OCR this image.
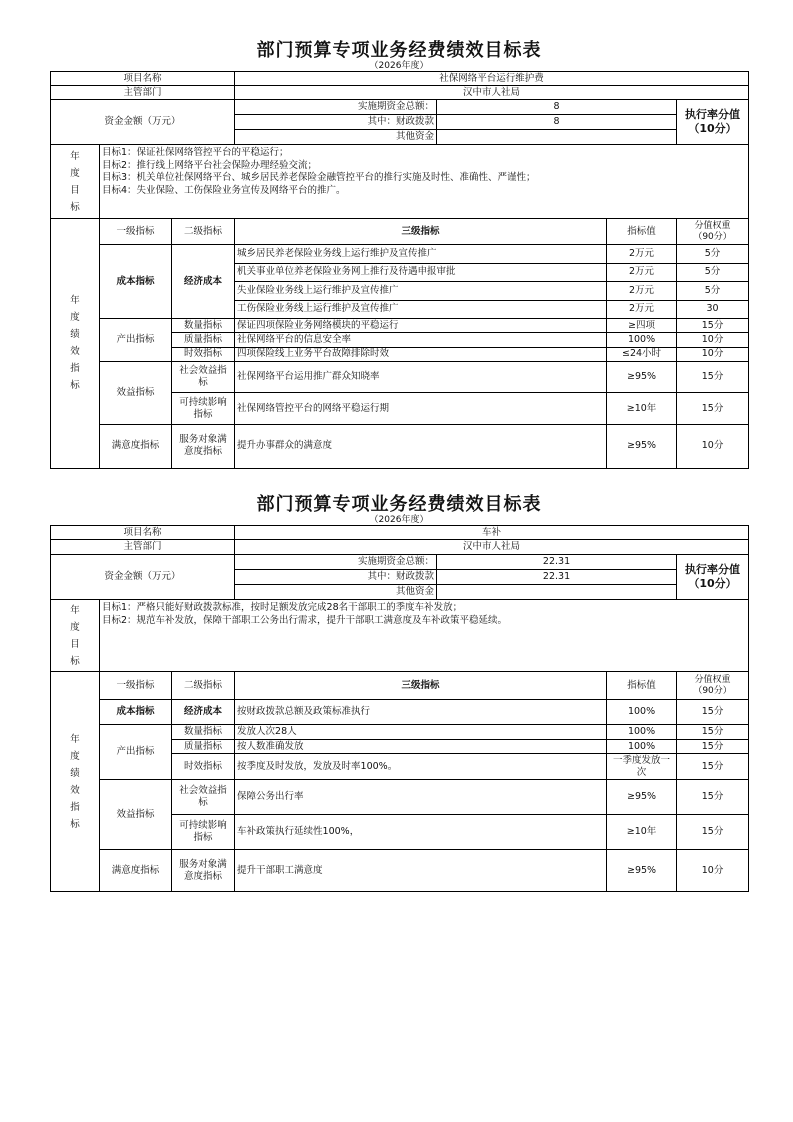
部门预算专项业务经费绩效目标表
（2026年度）
项目名称			社保网络平台运行维护费			
主管部门			汉中市人社局			
资金金额（万元）			实施期资金总额：	8		执行率分值（10分）
			其中：财政拨款	8		
			其他资金			
年度目标	目标1：保证社保网络管控平台的平稳运行；
目标2：推行线上网络平台社会保险办理经验交流；
目标3：机关单位社保网络平台、城乡居民养老保险金融管控平台的推行实施及时性、准确性、严谨性；
目标4：失业保险、工伤保险业务宣传及网络平台的推广。					

年度绩效指标	一级指标	二级指标	三级指标		指标值	分值权重（90分）
	成本指标	经济成本	城乡居民养老保险业务线上运行维护及宣传推广		2万元	5分
			机关事业单位养老保险业务网上推行及待遇申报审批		2万元	5分
			失业保险业务线上运行维护及宣传推广		2万元	5分
			工伤保险业务线上运行维护及宣传推广		2万元	30
	产出指标	数量指标	保证四项保险业务网络模块的平稳运行		≥四项	15分
		质量指标	社保网络平台的信息安全率		100%	10分
		时效指标	四项保险线上业务平台故障排除时效		≤24小时	10分
	效益指标	社会效益指标	社保网络平台运用推广群众知晓率		≥95%	15分
		可持续影响指标	社保网络管控平台的网络平稳运行期		≥10年	15分
	满意度指标	服务对象满意度指标	提升办事群众的满意度		≥95%	10分
部门预算专项业务经费绩效目标表
（2026年度）
项目名称			车补			
主管部门			汉中市人社局			
资金金额（万元）			实施期资金总额：	22.31		执行率分值（10分）
			其中：财政拨款	22.31		
			其他资金			
年度目标	目标1：严格只能好财政拨款标准，按时足额发放完成28名干部职工的季度车补发放；
目标2：规范车补发放，保障干部职工公务出行需求，提升干部职工满意度及车补政策平稳延续。					

年度绩效指标	一级指标	二级指标	三级指标		指标值	分值权重（90分）
	成本指标	经济成本	按财政拨款总额及政策标准执行		100%	15分
	产出指标	数量指标	发放人次28人		100%	15分
		质量指标	按人数准确发放		100%	15分
		时效指标	按季度及时发放，发放及时率100%。		一季度发放一次	15分
	效益指标	社会效益指标	保障公务出行率		≥95%	15分
		可持续影响指标	车补政策执行延续性100%，		≥10年	15分
	满意度指标	服务对象满意度指标	提升干部职工满意度		≥95%	10分
